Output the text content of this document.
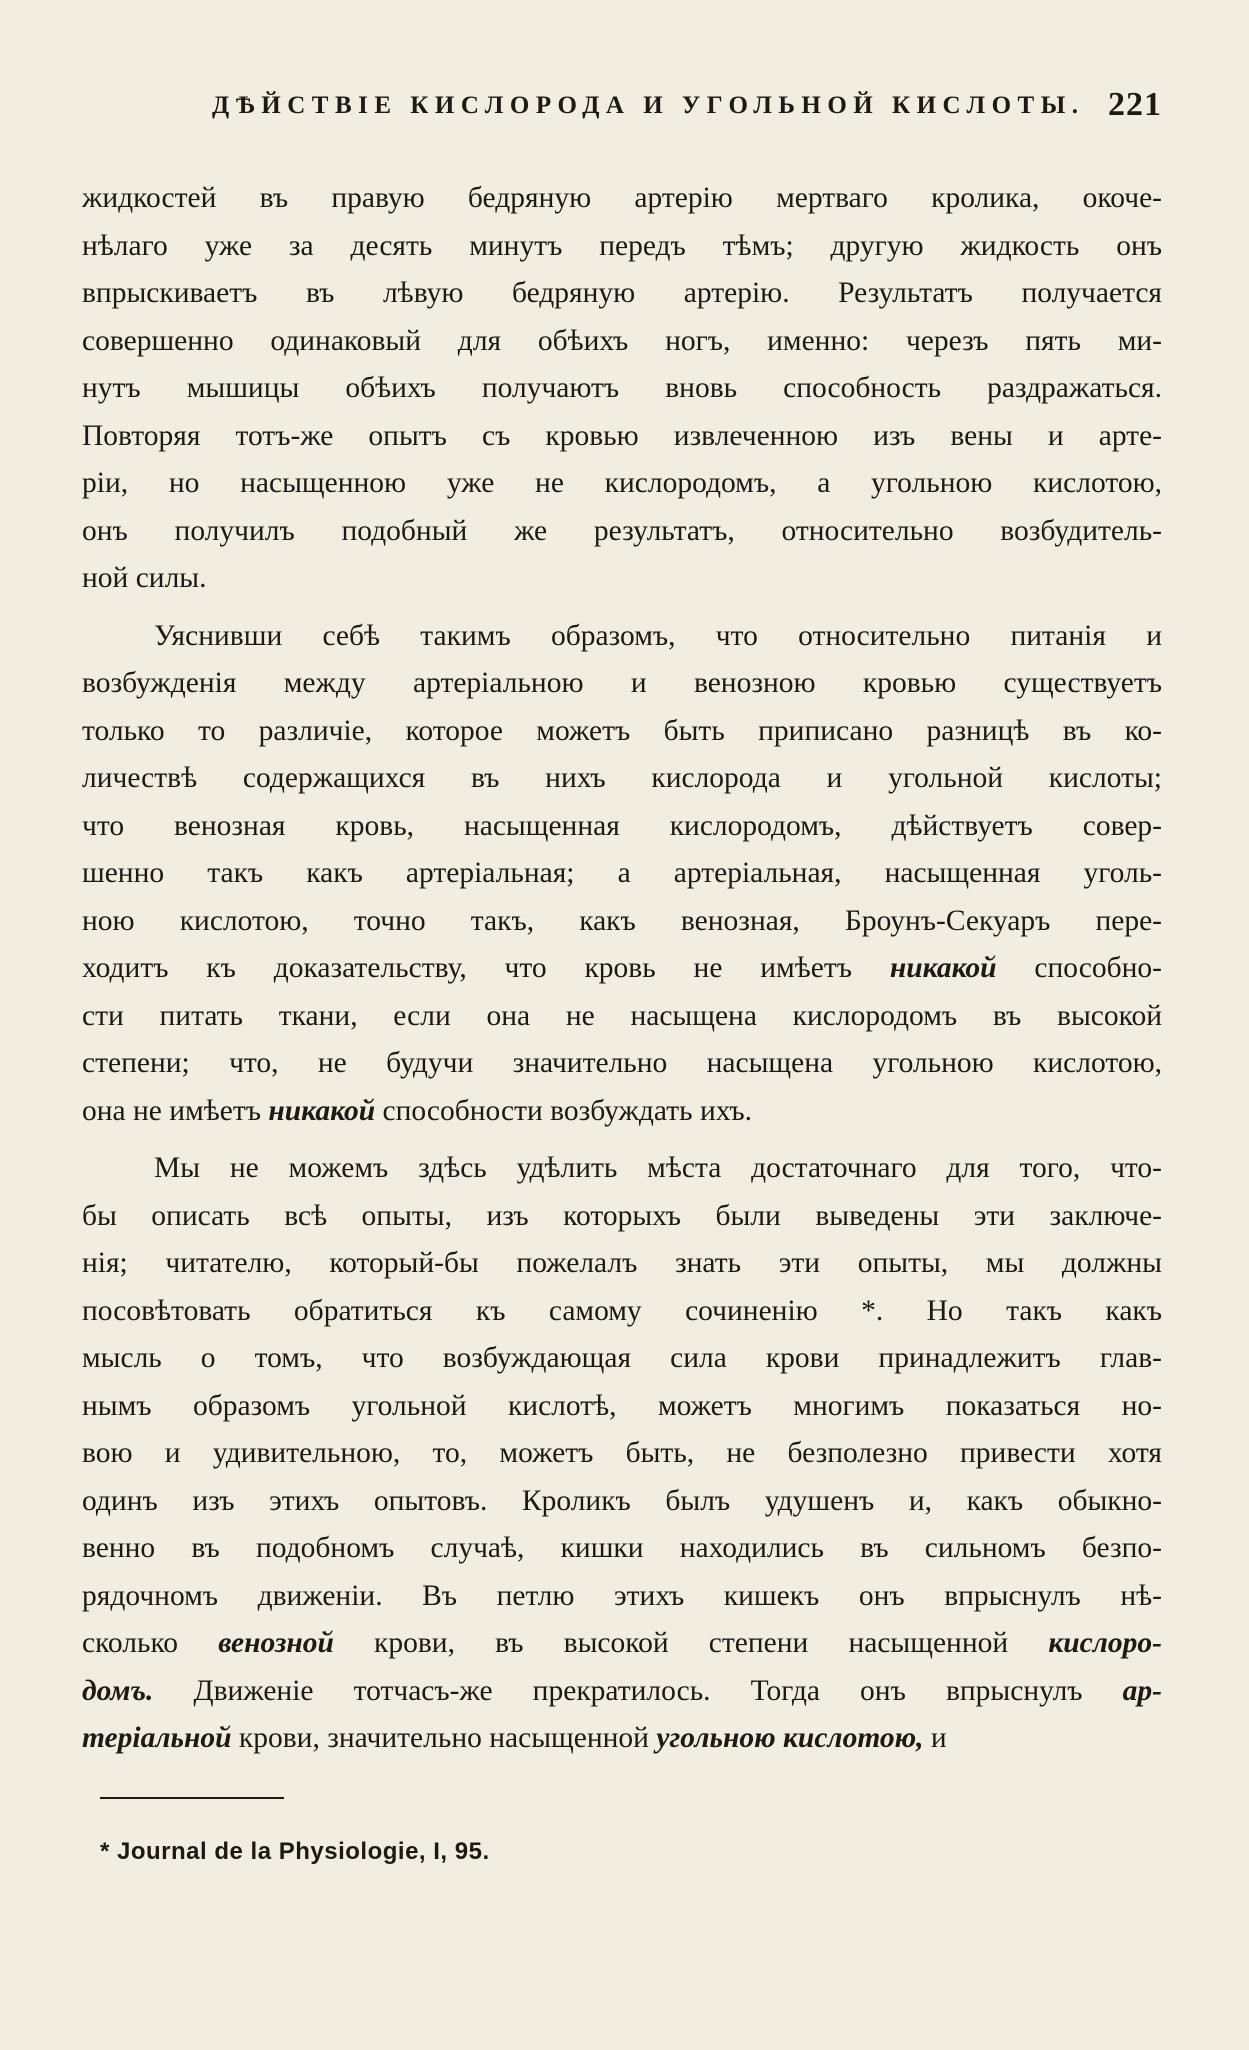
ДѢЙСТВІЕ КИСЛОРОДА И УГОЛЬНОЙ КИСЛОТЫ. 221
жидкостей въ правую бедряную артерію мертваго кролика, окоче-
нѣлаго уже за десять минутъ передъ тѣмъ; другую жидкость онъ
впрыскиваетъ въ лѣвую бедряную артерію. Результатъ получается
совершенно одинаковый для обѣихъ ногъ, именно: черезъ пять ми-
нутъ мышицы обѣихъ получаютъ вновь способность раздражаться.
Повторяя тотъ-же опытъ съ кровью извлеченною изъ вены и арте-
ріи, но насыщенною уже не кислородомъ, а угольною кислотою,
онъ получилъ подобный же результатъ, относительно возбудитель-
ной силы.
Уяснивши себѣ такимъ образомъ, что относительно питанія и
возбужденія между артеріальною и венозною кровью существуетъ
только то различіе, которое можетъ быть приписано разницѣ въ ко-
личествѣ содержащихся въ нихъ кислорода и угольной кислоты;
что венозная кровь, насыщенная кислородомъ, дѣйствуетъ совер-
шенно такъ какъ артеріальная; а артеріальная, насыщенная уголь-
ною кислотою, точно такъ, какъ венозная, Броунъ-Секуаръ пере-
ходитъ къ доказательству, что кровь не имѣетъ никакой способно-
сти питать ткани, если она не насыщена кислородомъ въ высокой
степени; что, не будучи значительно насыщена угольною кислотою,
она не имѣетъ никакой способности возбуждать ихъ.
Мы не можемъ здѣсь удѣлить мѣста достаточнаго для того, что-
бы описать всѣ опыты, изъ которыхъ были выведены эти заключе-
нія; читателю, который-бы пожелалъ знать эти опыты, мы должны
посовѣтовать обратиться къ самому сочиненію *. Но такъ какъ
мысль о томъ, что возбуждающая сила крови принадлежитъ глав-
нымъ образомъ угольной кислотѣ, можетъ многимъ показаться но-
вою и удивительною, то, можетъ быть, не безполезно привести хотя
одинъ изъ этихъ опытовъ. Кроликъ былъ удушенъ и, какъ обыкно-
венно въ подобномъ случаѣ, кишки находились въ сильномъ безпо-
рядочномъ движеніи. Въ петлю этихъ кишекъ онъ впрыснулъ нѣ-
сколько венозной крови, въ высокой степени насыщенной кислоро-
домъ. Движеніе тотчасъ-же прекратилось. Тогда онъ впрыснулъ ар-
теріальной крови, значительно насыщенной угольною кислотою, и
* Journal de la Physiologie, I, 95.
